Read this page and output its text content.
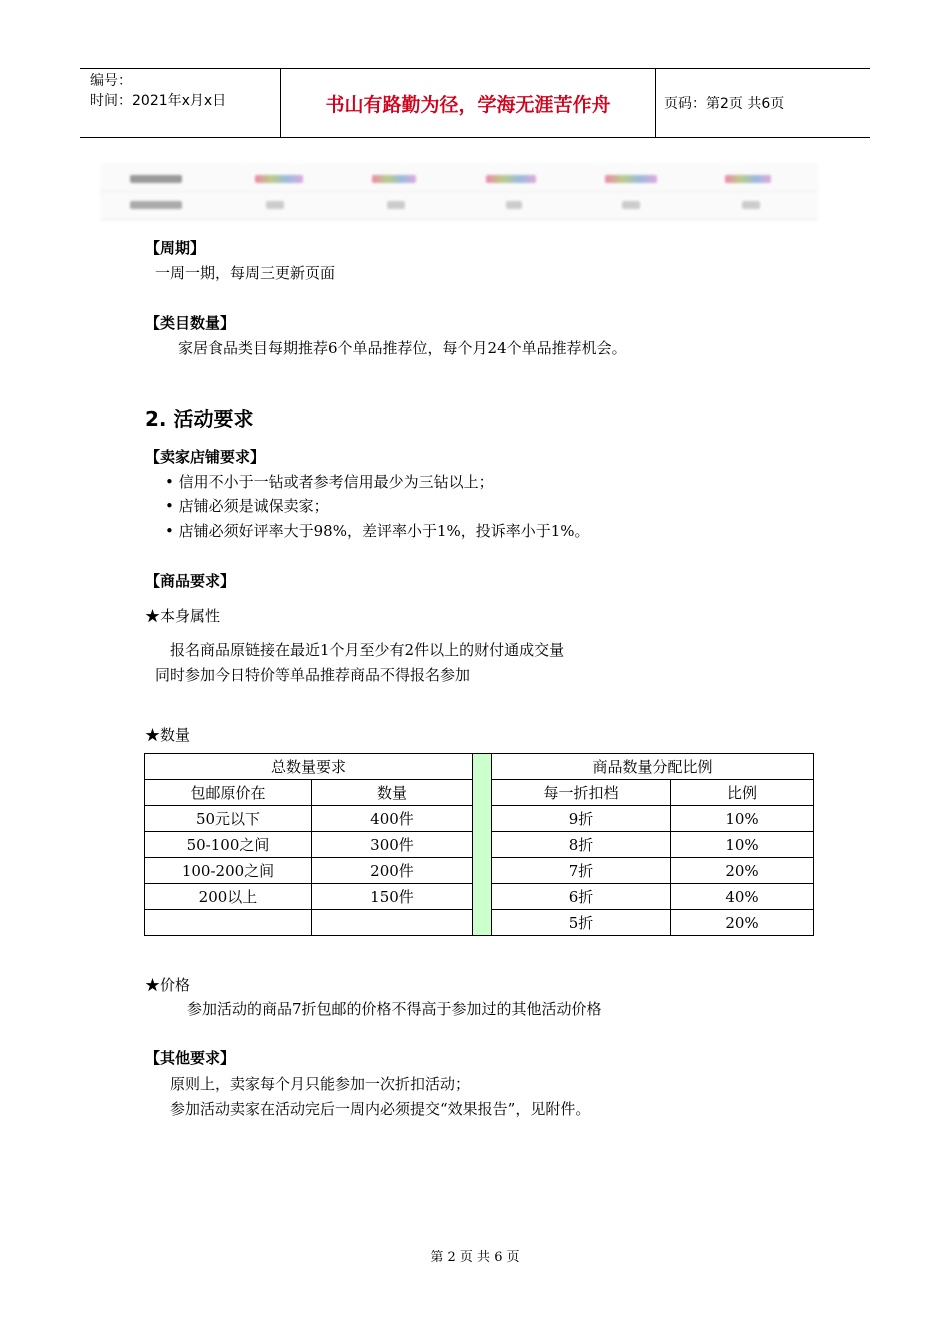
编号：
时间：2021年x月x日	书山有路勤为径，学海无涯苦作舟	页码：第2页 共6页
【周期】
一周一期，每周三更新页面
【类目数量】
家居食品类目每期推荐6个单品推荐位，每个月24个单品推荐机会。
2. 活动要求
【卖家店铺要求】
• 信用不小于一钻或者参考信用最少为三钻以上；
• 店铺必须是诚保卖家；
• 店铺必须好评率大于98%，差评率小于1%，投诉率小于1%。
【商品要求】
★本身属性
报名商品原链接在最近1个月至少有2件以上的财付通成交量
同时参加今日特价等单品推荐商品不得报名参加
★数量
总数量要求			商品数量分配比例	
包邮原价在	数量		每一折扣档	比例
50元以下	400件		9折	10%
50-100之间	300件		8折	10%
100-200之间	200件		7折	20%
200以上	150件		6折	40%
			5折	20%
★价格
参加活动的商品7折包邮的价格不得高于参加过的其他活动价格
【其他要求】
原则上，卖家每个月只能参加一次折扣活动；
参加活动卖家在活动完后一周内必须提交“效果报告”，见附件。
第 2 页 共 6 页
